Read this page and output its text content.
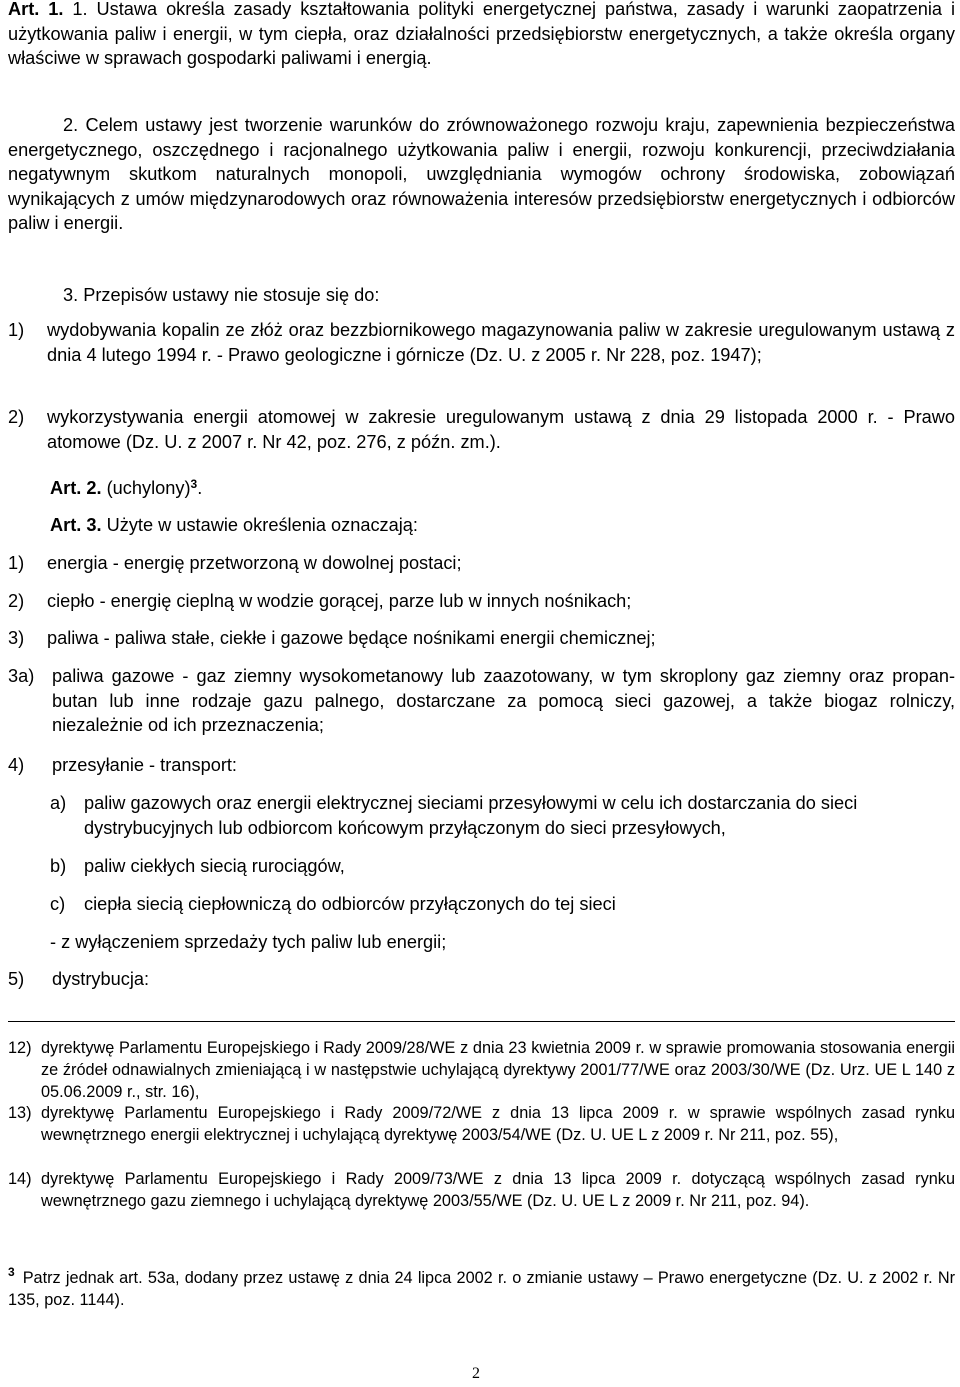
Art. 1. 1. Ustawa określa zasady kształtowania polityki energetycznej państwa, zasady i warunki zaopatrzenia i użytkowania paliw i energii, w tym ciepła, oraz działalności przedsiębiorstw energetycznych, a także określa organy właściwe w sprawach gospodarki paliwami i energią.
2. Celem ustawy jest tworzenie warunków do zrównoważonego rozwoju kraju, zapewnienia bezpieczeństwa energetycznego, oszczędnego i racjonalnego użytkowania paliw i energii, rozwoju konkurencji, przeciwdziałania negatywnym skutkom naturalnych monopoli, uwzględniania wymogów ochrony środowiska, zobowiązań wynikających z umów międzynarodowych oraz równoważenia interesów przedsiębiorstw energetycznych i odbiorców paliw i energii.
3. Przepisów ustawy nie stosuje się do:
1) wydobywania kopalin ze złóż oraz bezzbiornikowego magazynowania paliw w zakresie uregulowanym ustawą z dnia 4 lutego 1994 r. - Prawo geologiczne i górnicze (Dz. U. z 2005 r. Nr 228, poz. 1947);
2) wykorzystywania energii atomowej w zakresie uregulowanym ustawą z dnia 29 listopada 2000 r. - Prawo atomowe (Dz. U. z 2007 r. Nr 42, poz. 276, z późn. zm.).
Art. 2. (uchylony)$^3$.
Art. 3. Użyte w ustawie określenia oznaczają:
1) energia - energię przetworzoną w dowolnej postaci;
2) ciepło - energię cieplną w wodzie gorącej, parze lub w innych nośnikach;
3) paliwa - paliwa stałe, ciekłe i gazowe będące nośnikami energii chemicznej;
3a) paliwa gazowe - gaz ziemny wysokometanowy lub zaazotowany, w tym skroplony gaz ziemny oraz propan-butan lub inne rodzaje gazu palnego, dostarczane za pomocą sieci gazowej, a także biogaz rolniczy, niezależnie od ich przeznaczenia;
4) przesyłanie - transport:
a) paliw gazowych oraz energii elektrycznej sieciami przesyłowymi w celu ich dostarczania do sieci dystrybucyjnych lub odbiorcom końcowym przyłączonym do sieci przesyłowych,
b) paliw ciekłych siecią rurociągów,
c) ciepła siecią ciepłowniczą do odbiorców przyłączonych do tej sieci
- z wyłączeniem sprzedaży tych paliw lub energii;
5) dystrybucja:
12) dyrektywę Parlamentu Europejskiego i Rady 2009/28/WE z dnia 23 kwietnia 2009 r. w sprawie promowania stosowania energii ze źródeł odnawialnych zmieniającą i w następstwie uchylającą dyrektywy 2001/77/WE oraz 2003/30/WE (Dz. Urz. UE L 140 z 05.06.2009 r., str. 16),
13) dyrektywę Parlamentu Europejskiego i Rady 2009/72/WE z dnia 13 lipca 2009 r. w sprawie wspólnych zasad rynku wewnętrznego energii elektrycznej i uchylającą dyrektywę 2003/54/WE (Dz. U. UE L z 2009 r. Nr 211, poz. 55),
14) dyrektywę Parlamentu Europejskiego i Rady 2009/73/WE z dnia 13 lipca 2009 r. dotyczącą wspólnych zasad rynku wewnętrznego gazu ziemnego i uchylającą dyrektywę 2003/55/WE (Dz. U. UE L z 2009 r. Nr 211, poz. 94).
$^3$ Patrz jednak art. 53a, dodany przez ustawę z dnia 24 lipca 2002 r. o zmianie ustawy – Prawo energetyczne (Dz. U. z 2002 r. Nr 135, poz. 1144).
2
